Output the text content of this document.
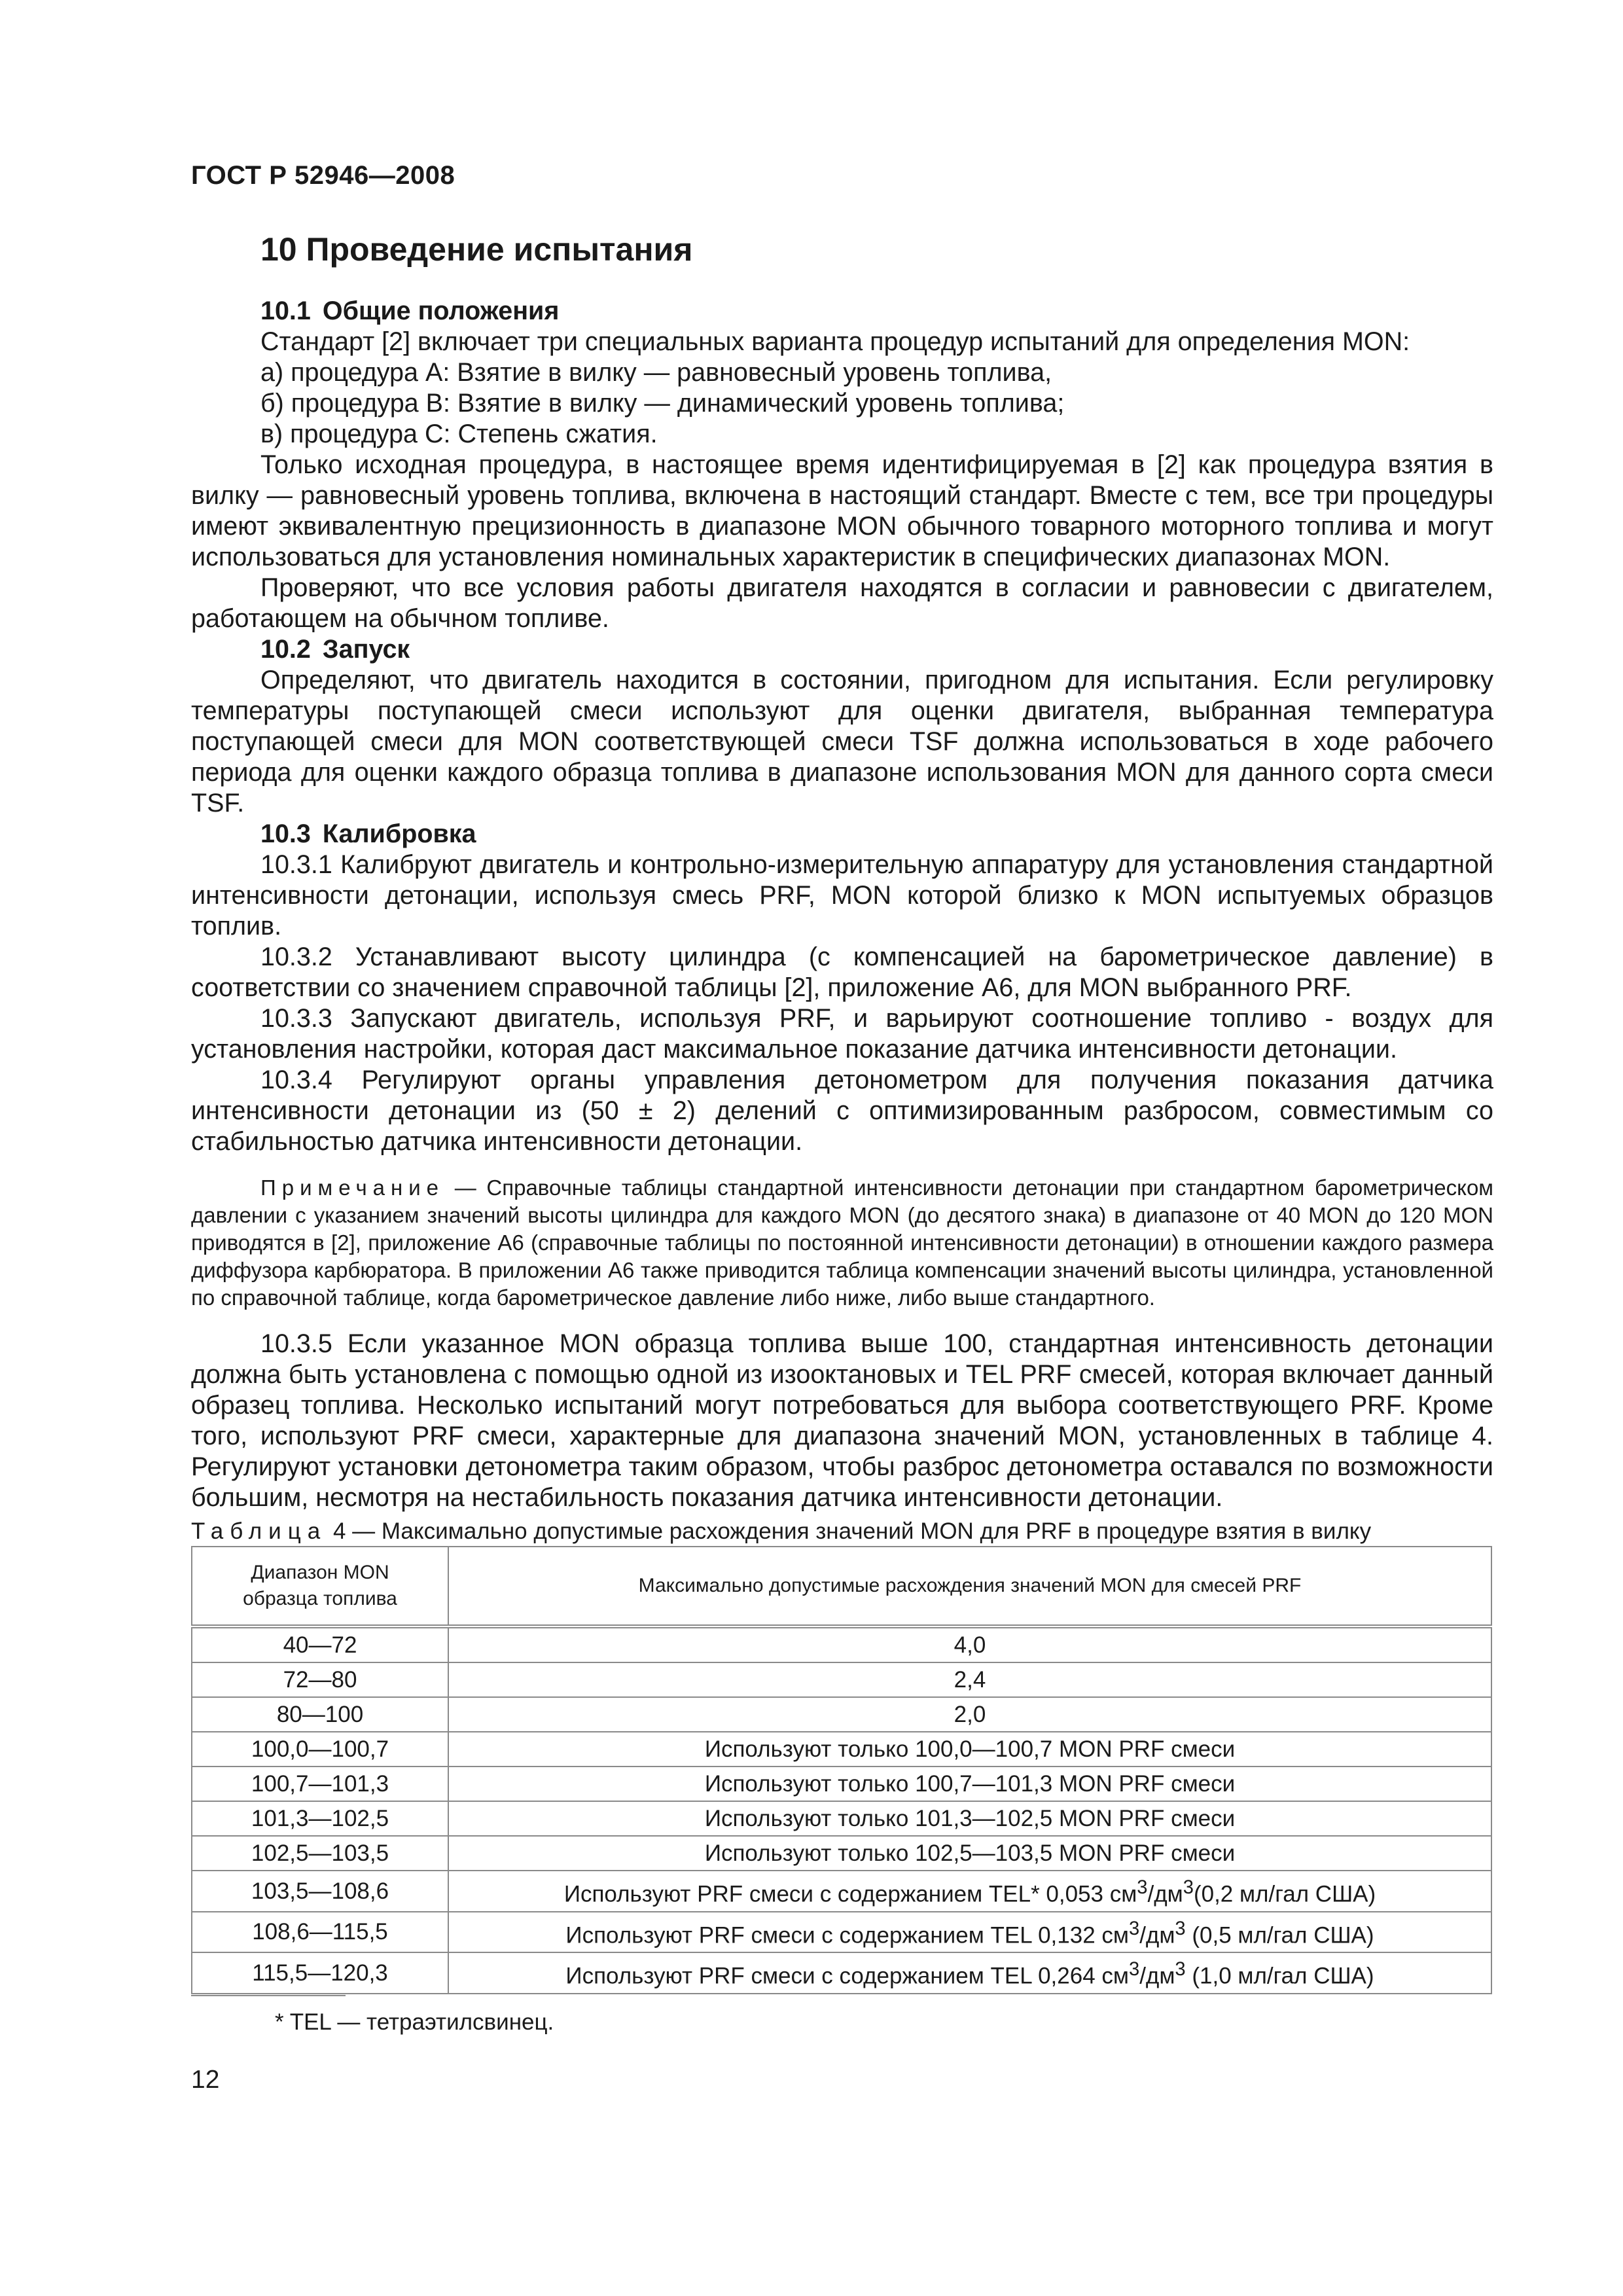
ГОСТ Р 52946—2008
10 Проведение испытания

10.1 Общие положения

Стандарт [2] включает три специальных варианта процедур испытаний для определения MON:

а) процедура А: Взятие в вилку — равновесный уровень топлива,

б) процедура В: Взятие в вилку — динамический уровень топлива;

в) процедура С: Степень сжатия.

Только исходная процедура, в настоящее время идентифицируемая в [2] как процедура взятия в вилку — равновесный уровень топлива, включена в настоящий стандарт. Вместе с тем, все три процедуры имеют эквивалентную прецизионность в диапазоне MON обычного товарного моторного топлива и могут использоваться для установления номинальных характеристик в специфических диапазонах MON.

Проверяют, что все условия работы двигателя находятся в согласии и равновесии с двигателем, работающем на обычном топливе.

10.2 Запуск

Определяют, что двигатель находится в состоянии, пригодном для испытания. Если регулировку температуры поступающей смеси используют для оценки двигателя, выбранная температура поступающей смеси для MON соответствующей смеси TSF должна использоваться в ходе рабочего периода для оценки каждого образца топлива в диапазоне использования MON для данного сорта смеси TSF.

10.3 Калибровка

10.3.1 Калибруют двигатель и контрольно-измерительную аппаратуру для установления стандартной интенсивности детонации, используя смесь PRF, MON которой близко к MON испытуемых образцов топлив.

10.3.2 Устанавливают высоту цилиндра (с компенсацией на барометрическое давление) в соответствии со значением справочной таблицы [2], приложение А6, для MON выбранного PRF.

10.3.3 Запускают двигатель, используя PRF, и варьируют соотношение топливо - воздух для установления настройки, которая даст максимальное показание датчика интенсивности детонации.

10.3.4 Регулируют органы управления детонометром для получения показания датчика интенсивности детонации из (50 ± 2) делений с оптимизированным разбросом, совместимым со стабильностью датчика интенсивности детонации.

Примечание — Справочные таблицы стандартной интенсивности детонации при стандартном барометрическом давлении с указанием значений высоты цилиндра для каждого MON (до десятого знака) в диапазоне от 40 MON до 120 MON приводятся в [2], приложение А6 (справочные таблицы по постоянной интенсивности детонации) в отношении каждого размера диффузора карбюратора. В приложении А6 также приводится таблица компенсации значений высоты цилиндра, установленной по справочной таблице, когда барометрическое давление либо ниже, либо выше стандартного.

10.3.5 Если указанное MON образца топлива выше 100, стандартная интенсивность детонации должна быть установлена с помощью одной из изооктановых и TEL PRF смесей, которая включает данный образец топлива. Несколько испытаний могут потребоваться для выбора соответствующего PRF. Кроме того, используют PRF смеси, характерные для диапазона значений MON, установленных в таблице 4. Регулируют установки детонометра таким образом, чтобы разброс детонометра оставался по возможности большим, несмотря на нестабильность показания датчика интенсивности детонации.

Таблица 4 — Максимально допустимые расхождения значений MON для PRF в процедуре взятия в вилку

Диапазон MON
образца топлива	Максимально допустимые расхождения значений MON для смесей PRF
40—72	4,0
72—80	2,4
80—100	2,0
100,0—100,7	Используют только 100,0—100,7 MON PRF смеси
100,7—101,3	Используют только 100,7—101,3 MON PRF смеси
101,3—102,5	Используют только 101,3—102,5 MON PRF смеси
102,5—103,5	Используют только 102,5—103,5 MON PRF смеси
103,5—108,6	Используют PRF смеси с содержанием TEL* 0,053 $см^3/дм^3(0,2$ мл/гал США)
108,6—115,5	Используют PRF смеси с содержанием TEL 0,132 $см^3/дм^3$ (0,5 мл/гал США)
115,5—120,3	Используют PRF смеси с содержанием TEL 0,264 $см^3/дм^3$ (1,0 мл/гал США)
* TEL — тетраэтилсвинец.
12
